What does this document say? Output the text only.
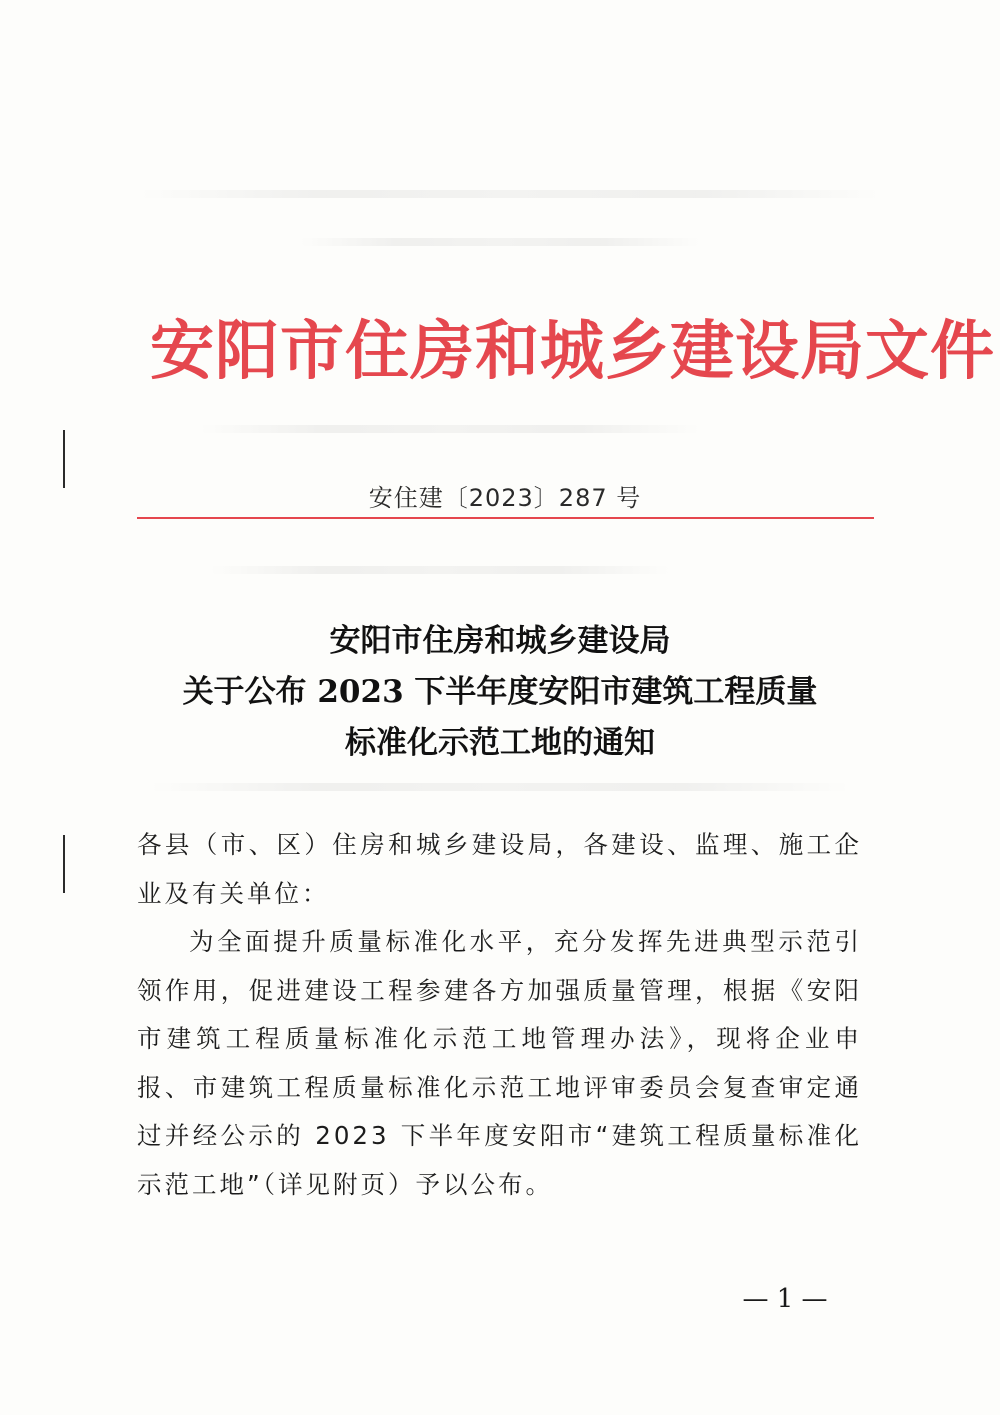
安阳市住房和城乡建设局文件
安住建〔2023〕287 号
安阳市住房和城乡建设局
关于公布 2023 下半年度安阳市建筑工程质量
标准化示范工地的通知

各县（市、区）住房和城乡建设局，各建设、监理、施工企业及有关单位：

为全面提升质量标准化水平，充分发挥先进典型示范引领作用，促进建设工程参建各方加强质量管理，根据《安阳市建筑工程质量标准化示范工地管理办法》，现将企业申报、市建筑工程质量标准化示范工地评审委员会复查审定通过并经公示的 2023 下半年度安阳市“建筑工程质量标准化示范工地”（详见附页）予以公布。

— 1 —
